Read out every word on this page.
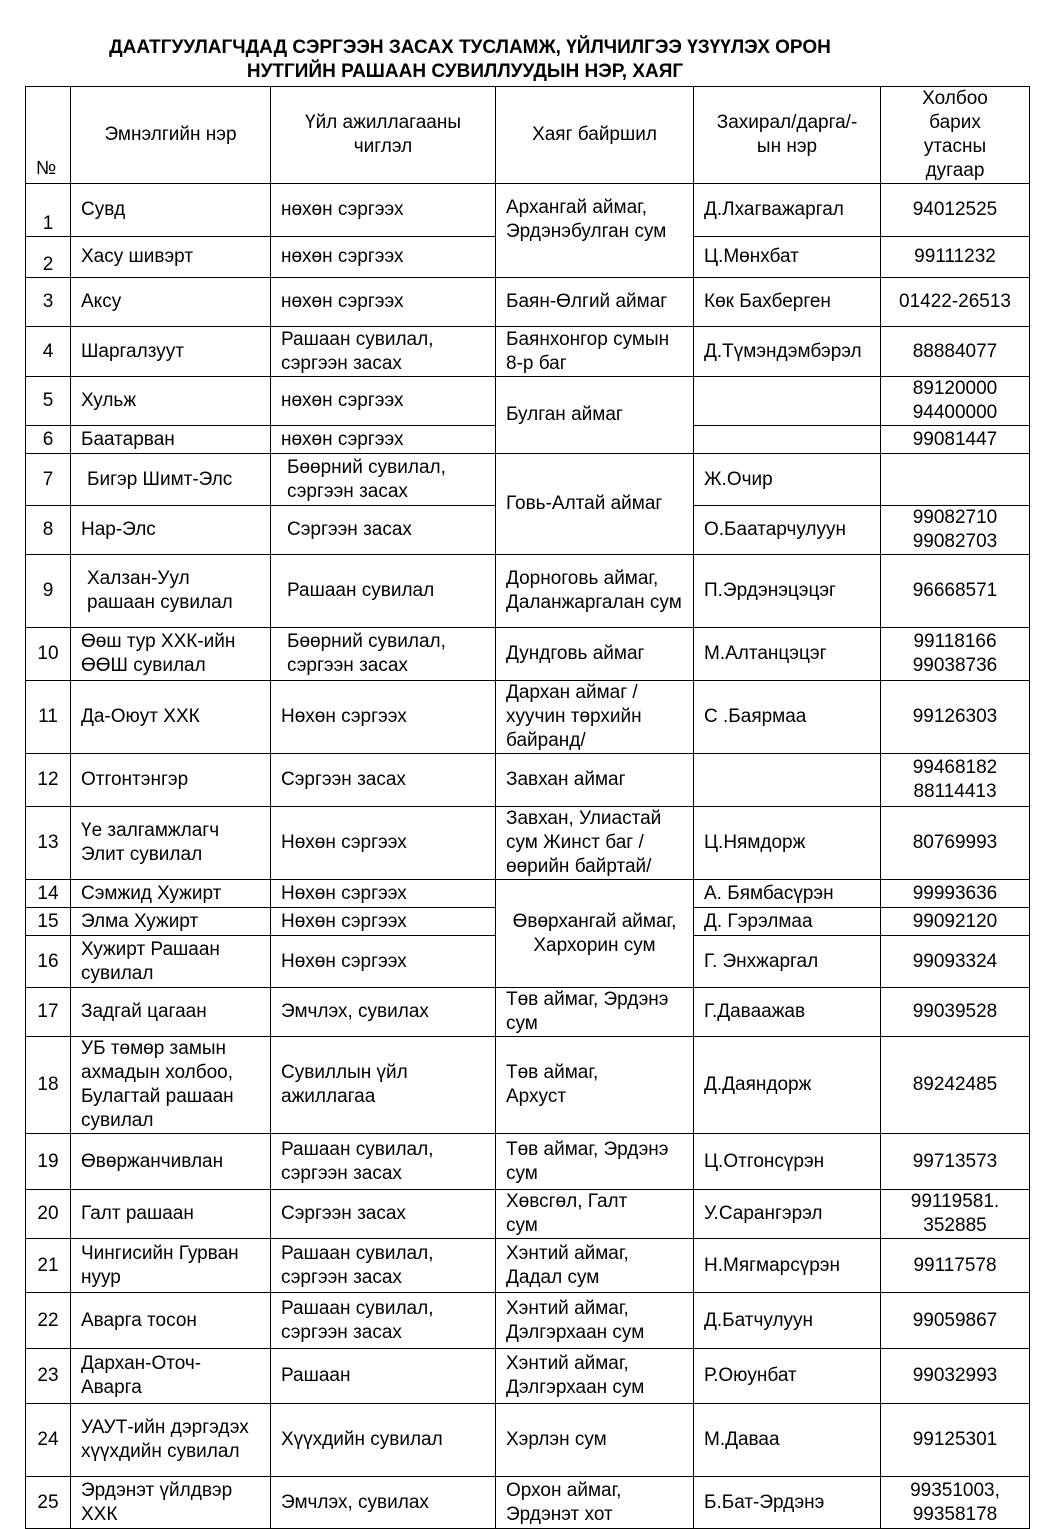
ДААТГУУЛАГЧДАД СЭРГЭЭН ЗАСАХ ТУСЛАМЖ, ҮЙЛЧИЛГЭЭ ҮЗҮҮЛЭХ ОРОН
НУТГИЙН РАШААН СУВИЛЛУУДЫН НЭР, ХАЯГ
№	Эмнэлгийн нэр	Үйл ажиллагааны чиглэл	Хаяг байршил	Захирал/дарга/-ын нэр	Холбоо барих утасны дугаар
1	Сувд	нөхөн сэргээх	Архангай аймаг, Эрдэнэбулган сум	Д.Лхагважаргал	94012525
2	Хасу шивэрт	нөхөн сэргээх		Ц.Мөнхбат	99111232
3	Аксу	нөхөн сэргээх	Баян-Өлгий аймаг	Көк Бахберген	01422-26513
4	Шаргалзуут	Рашаан сувилал, сэргээн засах	Баянхонгор сумын 8-р баг	Д.Түмэндэмбэрэл	88884077
5	Хульж	нөхөн сэргээх	Булган аймаг		89120000 94400000
6	Баатарван	нөхөн сэргээх			99081447
7	Бигэр Шимт-Элс	Бөөрний сувилал, сэргээн засах	Говь-Алтай аймаг	Ж.Очир	
8	Нар-Элс	Сэргээн засах		О.Баатарчулуун	99082710 99082703
9	Халзан-Уул рашаан сувилал	Рашаан сувилал	Дорноговь аймаг, Даланжаргалан сум	П.Эрдэнэцэцэг	96668571
10	Өөш тур ХХК-ийн ӨӨШ сувилал	Бөөрний сувилал, сэргээн засах	Дундговь аймаг	М.Алтанцэцэг	99118166 99038736
11	Да-Оюут ХХК	Нөхөн сэргээх	Дархан аймаг /хуучин төрхийн байранд/	С .Баярмаа	99126303
12	Отгонтэнгэр	Сэргээн засах	Завхан аймаг		99468182 88114413
13	Үе залгамжлагч Элит сувилал	Нөхөн сэргээх	Завхан, Улиастай сум Жинст баг /өөрийн байртай/	Ц.Нямдорж	80769993
14	Сэмжид Хужирт	Нөхөн сэргээх	Өвөрхангай аймаг, Хархорин сум	А. Бямбасүрэн	99993636
15	Элма Хужирт	Нөхөн сэргээх		Д. Гэрэлмаа	99092120
16	Хужирт Рашаан сувилал	Нөхөн сэргээх		Г. Энхжаргал	99093324
17	Задгай цагаан	Эмчлэх, сувилах	Төв аймаг, Эрдэнэ сум	Г.Даваажав	99039528
18	УБ төмөр замын ахмадын холбоо, Булагтай рашаан сувилал	Сувиллын үйл ажиллагаа	Төв аймаг, Архуст	Д.Даяндорж	89242485
19	Өвөржанчивлан	Рашаан сувилал, сэргээн засах	Төв аймаг, Эрдэнэ сум	Ц.Отгонсүрэн	99713573
20	Галт рашаан	Сэргээн засах	Хөвсгөл, Галт сум	У.Сарангэрэл	99119581. 352885
21	Чингисийн Гурван нуур	Рашаан сувилал, сэргээн засах	Хэнтий аймаг, Дадал сум	Н.Мягмарсүрэн	99117578
22	Аварга тосон	Рашаан сувилал, сэргээн засах	Хэнтий аймаг, Дэлгэрхаан сум	Д.Батчулуун	99059867
23	Дархан-Оточ-Аварга	Рашаан	Хэнтий аймаг, Дэлгэрхаан сум	Р.Оюунбат	99032993
24	УАУТ-ийн дэргэдэх хүүхдийн сувилал	Хүүхдийн сувилал	Хэрлэн сум	М.Даваа	99125301
25	Эрдэнэт үйлдвэр ХХК	Эмчлэх, сувилах	Орхон аймаг, Эрдэнэт хот	Б.Бат-Эрдэнэ	99351003, 99358178
